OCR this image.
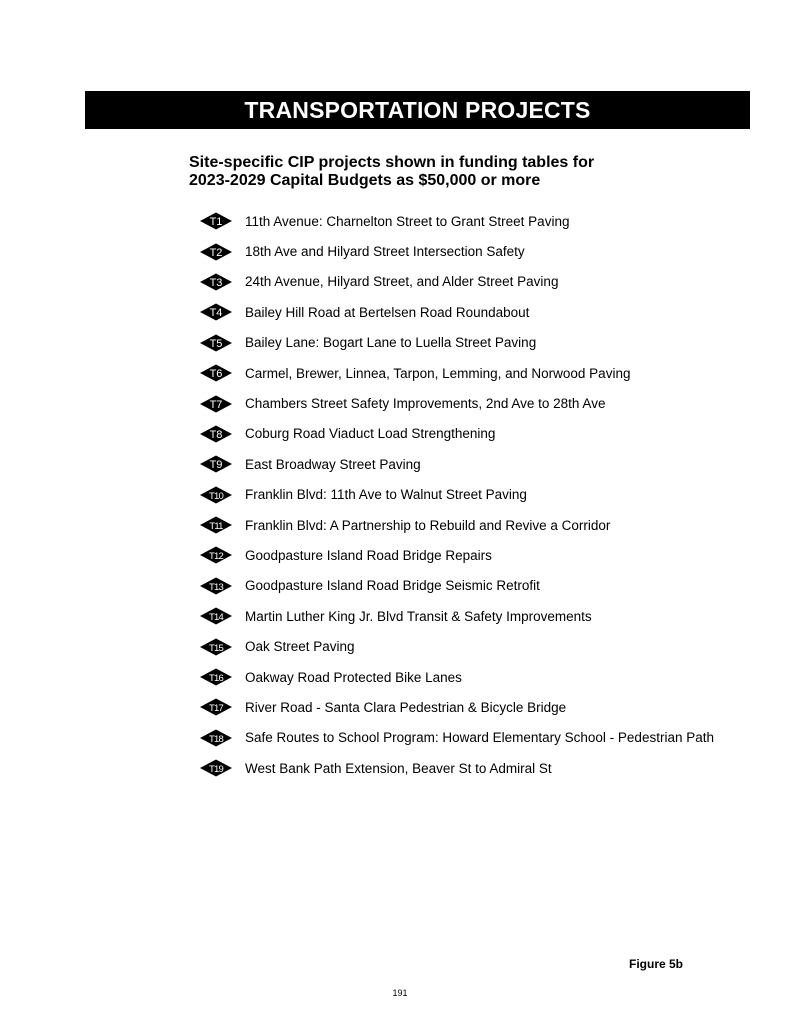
TRANSPORTATION PROJECTS
Site-specific CIP projects shown in funding tables for
2023-2029 Capital Budgets as $50,000 or more
T1 11th Avenue: Charnelton Street to Grant Street Paving
T2 18th Ave and Hilyard Street Intersection Safety
T3 24th Avenue, Hilyard Street, and Alder Street Paving
T4 Bailey Hill Road at Bertelsen Road Roundabout
T5 Bailey Lane: Bogart Lane to Luella Street Paving
T6 Carmel, Brewer, Linnea, Tarpon, Lemming, and Norwood Paving
T7 Chambers Street Safety Improvements, 2nd Ave to 28th Ave
T8 Coburg Road Viaduct Load Strengthening
T9 East Broadway Street Paving
T10 Franklin Blvd: 11th Ave to Walnut Street Paving
T11 Franklin Blvd: A Partnership to Rebuild and Revive a Corridor
T12 Goodpasture Island Road Bridge Repairs
T13 Goodpasture Island Road Bridge Seismic Retrofit
T14 Martin Luther King Jr. Blvd Transit & Safety Improvements
T15 Oak Street Paving
T16 Oakway Road Protected Bike Lanes
T17 River Road - Santa Clara Pedestrian & Bicycle Bridge
T18 Safe Routes to School Program: Howard Elementary School - Pedestrian Path
T19 West Bank Path Extension, Beaver St to Admiral St
Figure 5b
191
